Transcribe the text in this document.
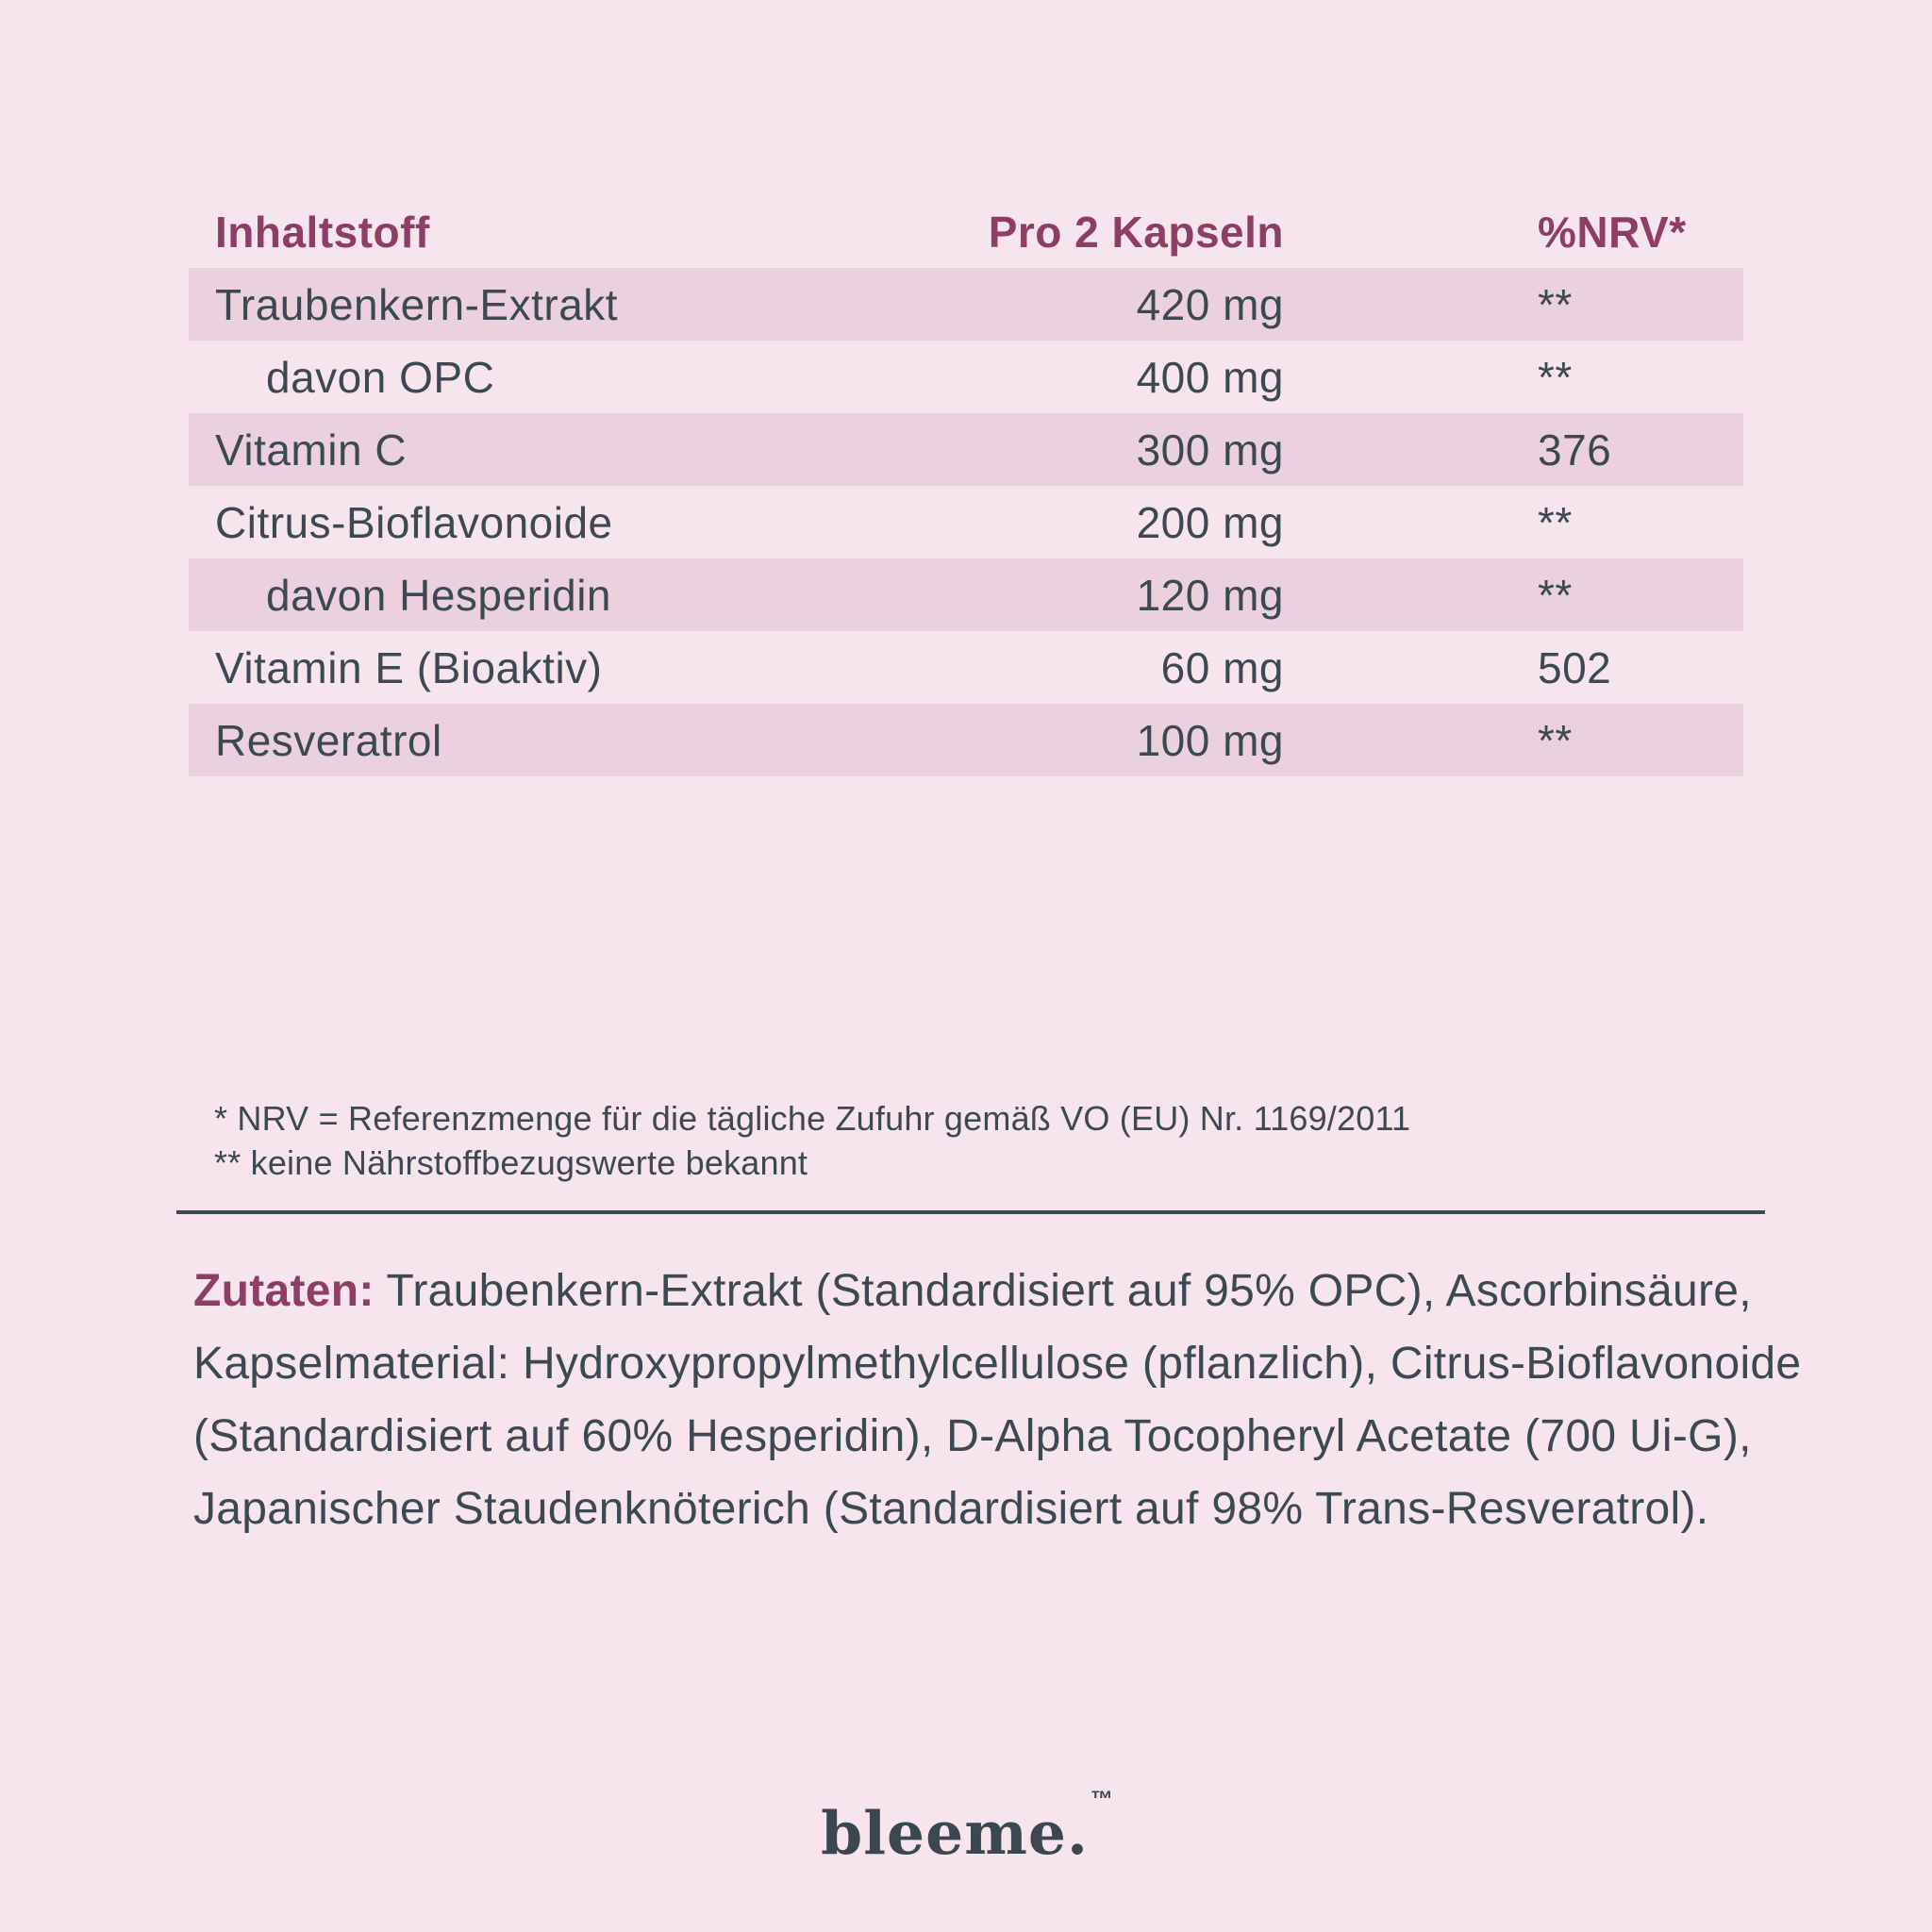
Inhaltstoff	Pro 2 Kapseln	%NRV*
Traubenkern-Extrakt	420 mg	**
davon OPC	400 mg	**
Vitamin C	300 mg	376
Citrus-Bioflavonoide	200 mg	**
davon Hesperidin	120 mg	**
Vitamin E (Bioaktiv)	60 mg	502
Resveratrol	100 mg	**
* NRV = Referenzmenge für die tägliche Zufuhr gemäß VO (EU) Nr. 1169/2011
** keine Nährstoffbezugswerte bekannt

Zutaten: Traubenkern-Extrakt (Standardisiert auf 95% OPC), Ascorbinsäure, Kapselmaterial: Hydroxypropylmethylcellulose (pflanzlich), Citrus-Bioflavonoide (Standardisiert auf 60% Hesperidin), D-Alpha Tocopheryl Acetate (700 Ui-G), Japanischer Staudenknöterich (Standardisiert auf 98% Trans-Resveratrol).

bleeme.™
